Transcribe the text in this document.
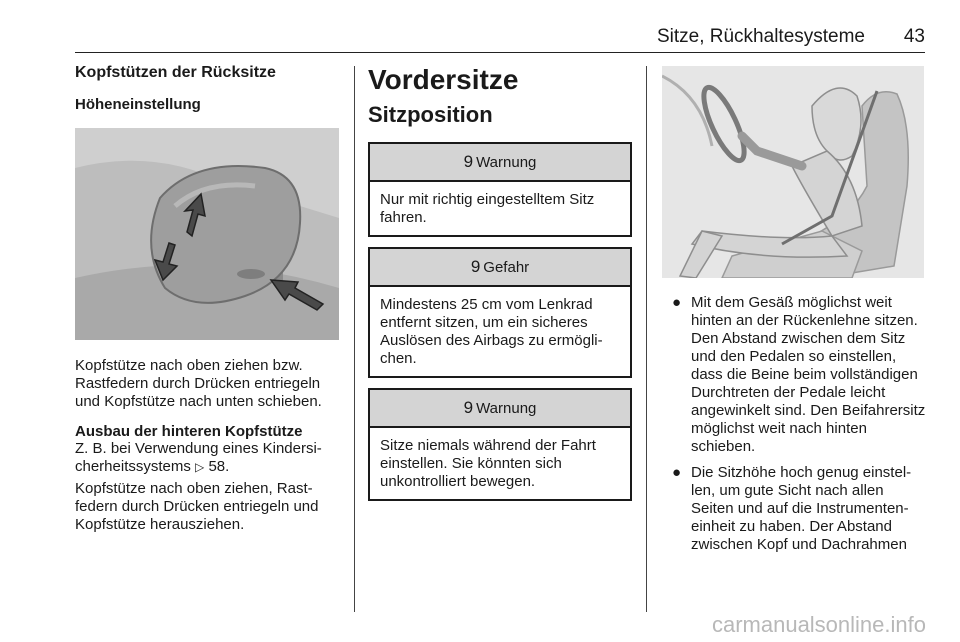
Sitze, Rückhaltesysteme 43
Kopfstützen der Rücksitze
Höheneinstellung

Kopfstütze nach oben ziehen bzw. Rastfedern durch Drücken entriegeln und Kopfstütze nach unten schieben.

Ausbau der hinteren Kopfstütze

Z. B. bei Verwendung eines Kindersi‐cherheitssystems ▷ 58.

Kopfstütze nach oben ziehen, Rast‐federn durch Drücken entriegeln und Kopfstütze herausziehen.

Vordersitze
Sitzposition
9 Warnung
Nur mit richtig eingestelltem Sitz fahren.
9 Gefahr
Mindestens 25 cm vom Lenkrad entfernt sitzen, um ein sicheres Auslösen des Airbags zu ermögli‐chen.
9 Warnung
Sitze niemals während der Fahrt einstellen. Sie könnten sich unkontrolliert bewegen.
● Mit dem Gesäß möglichst weit hinten an der Rückenlehne sitzen. Den Abstand zwischen dem Sitz und den Pedalen so einstellen, dass die Beine beim vollständigen Durchtreten der Pedale leicht angewinkelt sind. Den Beifahrersitz möglichst weit nach hinten schieben.
● Die Sitzhöhe hoch genug einstel‐len, um gute Sicht nach allen Seiten und auf die Instrumenten‐einheit zu haben. Der Abstand zwischen Kopf und Dachrahmen
carmanualsonline.info
